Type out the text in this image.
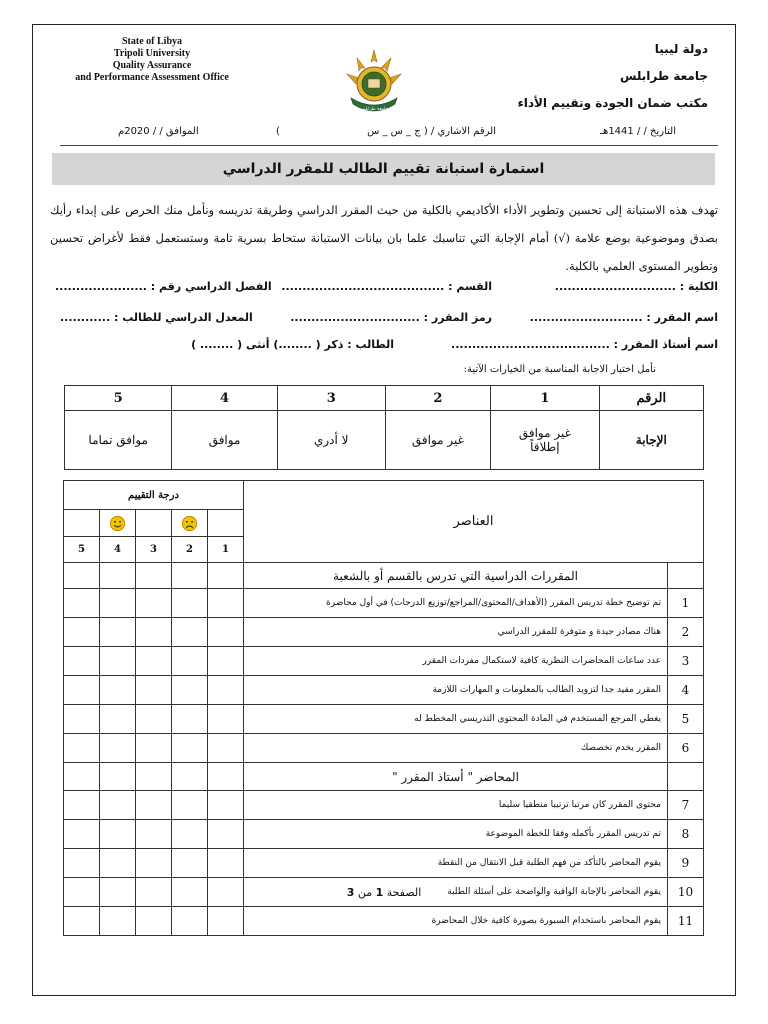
State of Libya
Tripoli University
Quality Assurance
and Performance Assessment Office
دولة ليبيا
جامعة طرابلس
مكتب ضمان الجودة وتقييم الأداء
جامعة طرابلس
التاريخ / / 1441هـ
الرقم الاشاري / ( ج _ س _ س
)
الموافق / / 2020م
استمارة استبانة تقييم الطالب للمقرر الدراسي
تهدف هذه الاستبانة إلى تحسين وتطوير الأداء الأكاديمي بالكلية من حيث المقرر الدراسي وطريقة تدريسه ونأمل منك الحرص على إبداء رأيك بصدق وموضوعية بوضع علامة (√) أمام الإجابة التي تناسبك علما بان بيانات الاستبانة ستحاط بسرية تامة وستستعمل فقط لأغراض تحسين وتطوير المستوى العلمي بالكلية.
الكلية : .............................
القسم : .......................................
الفصل الدراسي رقم : ......................
اسم المقرر : ...........................
رمز المقرر : ...............................
المعدل الدراسي للطالب : ............
اسم أستاذ المقرر : ......................................
الطالب : ذكر ( ........) أنثى ( ........ )
نأمل اختيار الاجابة المناسبة من الخيارات الآتية:
الرقم	1	2	3	4	5
الإجابة	غير موافق إطلاقاً	غير موافق	لا أدري	موافق	موافق تماما
درجة التقييم					العناصر	

5	4	3	2	1		
					المقررات الدراسية التي تدرس بالقسم أو بالشعبة	
					تم توضيح خطة تدريس المقرر (الأهداف/المحتوى/المراجع/توزيع الدرجات) في أول محاضرة	1
					هناك مصادر جيدة و متوفرة للمقرر الدراسي	2
					عدد ساعات المحاضرات النظرية كافية لاستكمال مفردات المقرر	3
					المقرر مفيد جدا لتزويد الطالب بالمعلومات و المهارات اللازمة	4
					يغطي المرجع المستخدم في المادة المحتوى التدريسي المخطط له	5
					المقرر يخدم تخصصك	6
					المحاضر " أستاذ المقرر "	
					محتوى المقرر كان مرتبا ترتيبا منطقيا سليما	7
					تم تدريس المقرر بأكمله وفقا للخطة الموضوعة	8
					يقوم المحاضر بالتأكد من فهم الطلبة قبل الانتقال من النقطة	9
					يقوم المحاضر بالإجابة الوافية والواضحة على أسئلة الطلبة	10
					يقوم المحاضر باستخدام السبورة بصورة كافية خلال المحاضرة	11
الصفحة 1 من 3
